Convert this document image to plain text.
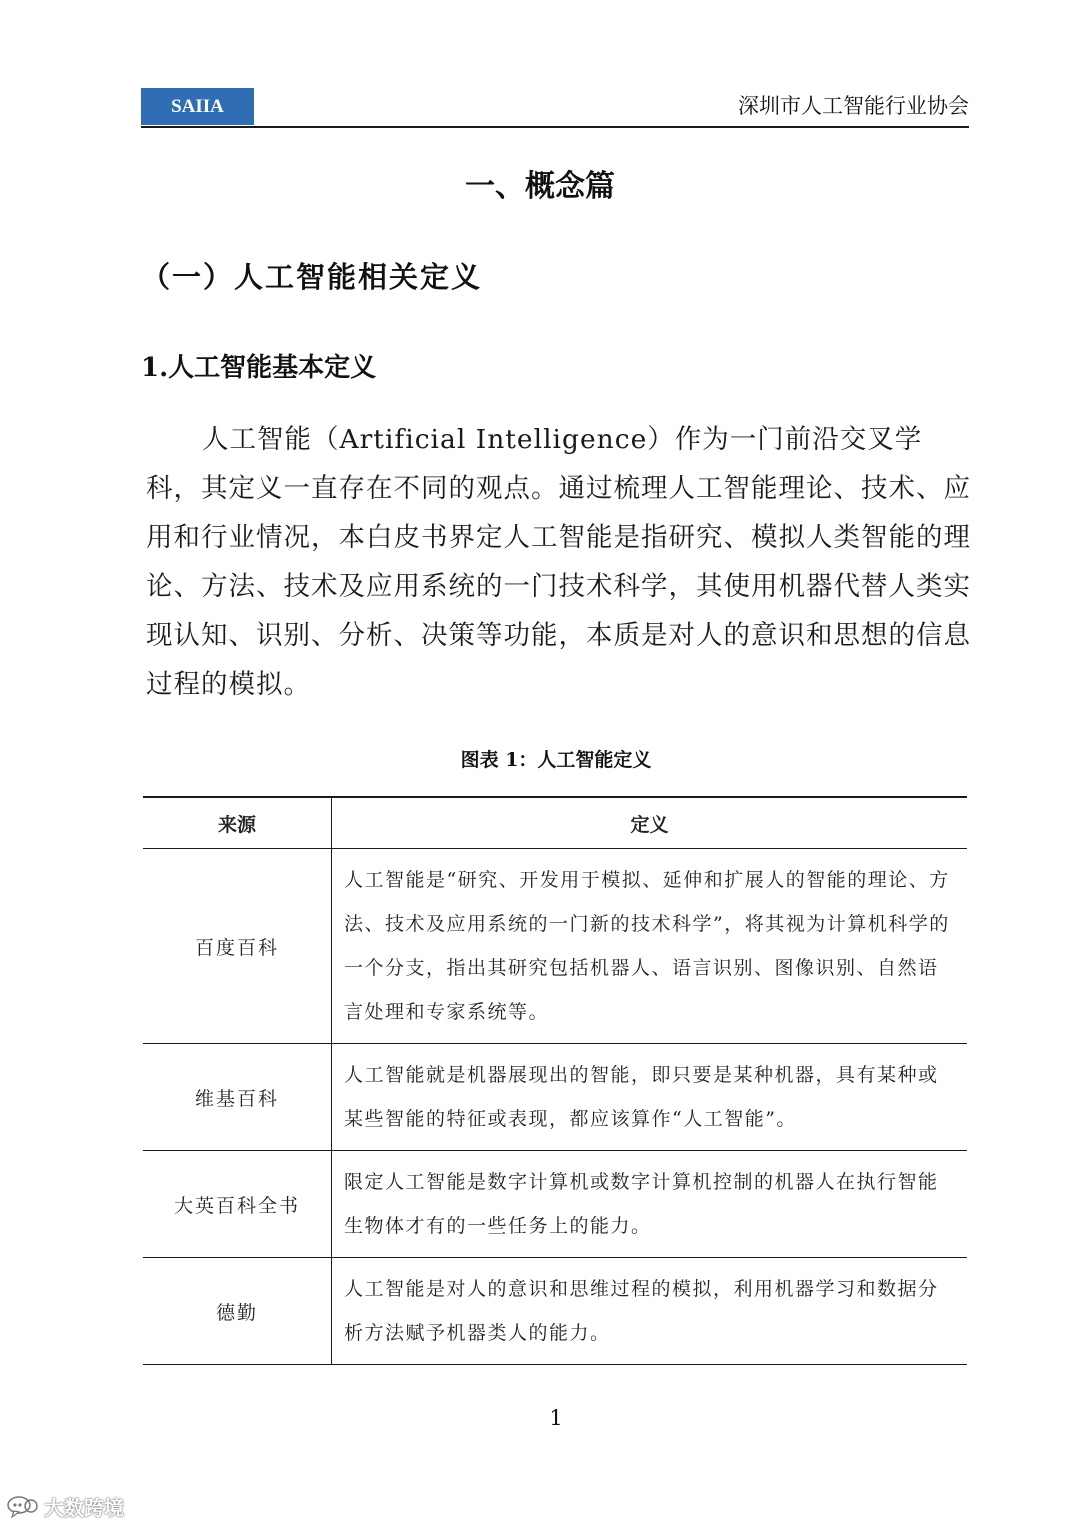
SAIIA	深圳市人工智能行业协会
一、概念篇
（一）人工智能相关定义
1.人工智能基本定义

人工智能（Artificial Intelligence）作为一门前沿交叉学科，其定义一直存在不同的观点。通过梳理人工智能理论、技术、应用和行业情况，本白皮书界定人工智能是指研究、模拟人类智能的理论、方法、技术及应用系统的一门技术科学，其使用机器代替人类实现认知、识别、分析、决策等功能，本质是对人的意识和思想的信息过程的模拟。

图表 1：人工智能定义
来源	定义
百度百科	人工智能是“研究、开发用于模拟、延伸和扩展人的智能的理论、方法、技术及应用系统的一门新的技术科学”，将其视为计算机科学的一个分支，指出其研究包括机器人、语言识别、图像识别、自然语言处理和专家系统等。
维基百科	人工智能就是机器展现出的智能，即只要是某种机器，具有某种或某些智能的特征或表现，都应该算作“人工智能”。
大英百科全书	限定人工智能是数字计算机或数字计算机控制的机器人在执行智能生物体才有的一些任务上的能力。
德勤	人工智能是对人的意识和思维过程的模拟，利用机器学习和数据分析方法赋予机器类人的能力。
1
大数跨境
